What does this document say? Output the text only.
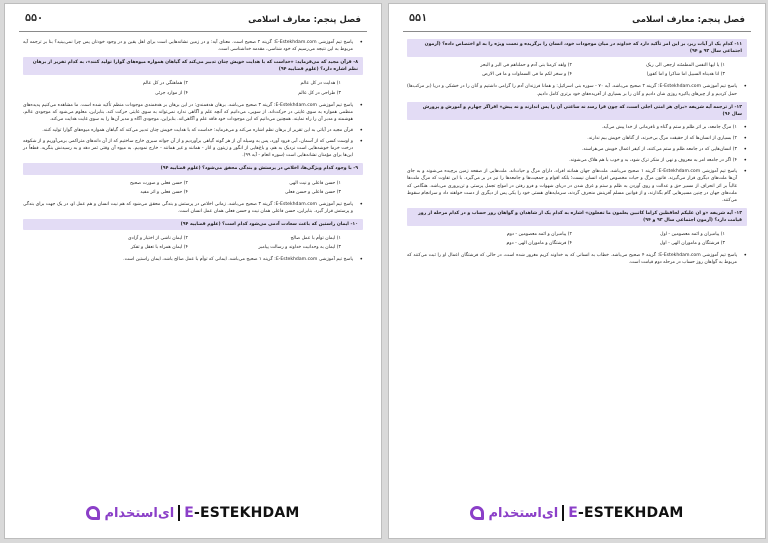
فصل پنجم: معارف اسلامی
۵۵۰
• پاسخ تیم آموزشی E-Estekhdam.com: گزینه ۲ صحیح است. معنای آیه: و در زمین نشانه‌هایی است برای اهل یقین و در وجود خودتان پس چرا نمی‌بینید؟ بنا بر ترجمه آیه مربوط به این نتیجه می‌رسیم که خود شناسی، مقدمه خداشناسی است.
۸- قرآن مجید که می‌فرماید: «خداست که با هدایت خویش چنان تدبیر می‌کند که گیاهان همواره میوه‌های گوارا تولید کنند»، به کدام تقریر از برهان نظم اشاره دارد؟ (علوم قضاییه ۹۴)
۱) هدایت در کل عالم
۲) هماهنگی در کل عالم
۳) طراحی در کل عالم
۴) از موارد جزئی
• پاسخ تیم آموزشی E-Estekhdam.com: گزینه ۳ صحیح می‌باشد. برهان هدفمندی: در این برهان بر هدفمندی موجودات منظم تأکید شده است. ما مشاهده می‌کنیم پدیده‌های منظمی همواره به سوی غایتی در حرکت‌اند. از سویی، می‌دانیم که آنچه علم و آگاهی ندارد نمی‌تواند به سوی غایتی حرکت کند. بنابراین، معلوم می‌شود که موجودی عالم، هوشمند و مدبر آن را راه نمایند. همچنین می‌دانیم که این موجودات خود فاقد علم و آگاهی‌اند. بنابراین، موجودی آگاه و مدبر آن‌ها را به سوی غایت هدایت می‌کند.
• قرآن مجید در آیاتی به این تقریر از برهان نظم اشاره می‌کند و می‌فرماید: خداست که با هدایت خویش چنان تدبیر می‌کند که گیاهان همواره میوه‌های گوارا تولید کنند.
• و اوست کسی که از آسمان، آبی فرود آورد، پس به وسیله آن از هر گونه گیاهی برآوردیم و از آن جوانه سبزی خارج ساختیم که از آن دانه‌های متراکمی برمی‌آوریم و از شکوفه درخت خرما خوشه‌هایی است نزدیک به هم، و باغ‌هایی از انگور و زیتون و انار - همانند و غیر همانند - خارج نمودیم. به میوه آن وقتی ثمر دهد و به رسیدنش بنگرید. قطعاً در این‌ها برای مؤمنان نشانه‌هایی است (سوره انعام - آیه ۹۹).
۹- با وجود کدام ویژگی‌ها، اخلاص در پرستش و بندگی محقق می‌شود؟ (علوم قضاییه ۹۴)
۱) حسن فاعلی و نیت الهی
۲) حسن فعلی و صورت صحیح
۳) حسن فاعلی و حسن فعلی
۴) حسن فعلی و اثر مفید
• پاسخ تیم آموزشی E-Estekhdam.com: گزینه ۳ صحیح می‌باشد. زمانی اخلاص در پرستش و بندگی محقق می‌شود که هم نیت انسان و هم عمل او، در یک جهت برای بندگی و پرستش قرار گیرد. بنابراین، حسن فاعلی همان نیت و حسن فعلی همان عمل انسان است.
۱۰- ایمان راستین که باعث سعادت آدمی می‌شود کدام است؟ (علوم قضاییه ۹۴)
۱) ایمان توأم با عمل صالح
۲) ایمان ناشی از اختیار و آزادی
۳) ایمان به وحدانیت خداوند و رسالت پیامبر
۴) ایمان همراه با تعقل و تفکر
• پاسخ تیم آموزشی E-Estekhdam.com: گزینه ۱ صحیح می‌باشد. ایمانی که توأم با عمل صالح باشد، ایمان راستین است.
ای‌استخدام E-ESTEKHDAM
فصل پنجم: معارف اسلامی
۵۵۱
۱۱- کدام یک از آیات زیر، بر این امر تأکید دارد که خداوند در میان موجودات خود، انسان را برگزیده و نعمت ویژه را به او اختصاص داده؟ (آزمون اجتماعی سال ۹۳ و ۹۴)
۱) یا ایها النفس المطمئنه ارجعی الی ربک
۲) ولقد کرمنا بنی آدم و حملناهم فی البر و البحر
۳) انا هدیناه السبیل اما شاکرا و اما کفورا
۴) و سخر لکم ما فی السماوات و ما فی الارض
• پاسخ تیم آموزشی E-Estekhdam.com: گزینه ۲ صحیح می‌باشد. آیه ۷۰ - سوره بنی اسرائیل: و همانا فرزندان آدم را گرامی داشتیم و آنان را در خشکی و دریا (بر مرکب‌ها) حمل کردیم و از چیزهای پاکیزه روزی شان دادیم و آنان را بر بسیاری از آفریده‌های خود برتری کامل دادیم.
۱۲- از ترجمه آیه شریفه «برای هر امتی اجلی است، که چون فرا رسد نه ساعتی آن را پس اندازند و نه پیش» افزاگر چهارم و آموزش و پرورش سال ۹۶)
• ۱) مرگ جامعه، بر اثر ظلم و ستم و گناه و نافرمانی از خدا پیش می‌آید.
• ۲) بسیاری از انسان‌ها که از حقیقت مرگ بی‌خبرند، از گناهان خویش بیم ندارند.
• ۳) انسان‌هایی که در جامعه ظلم و ستم می‌کنند، از کیفر اعمال خویش می‌هراسند.
• ۴) اگر در جامعه امر به معروف و نهی از منکر ترک شود، بد و خوب با هم هلاک می‌شوند.
• پاسخ تیم آموزشی E-Estekhdam.com: گزینه ۱ صحیح می‌باشد. ملت‌های جهان همانند افراد، دارای مرگ و حیات‌اند. ملت‌هایی از صفحه زمین برچیده می‌شوند و به جای آن‌ها ملت‌های دیگری قرار می‌گیرند. قانون مرگ و حیات مخصوص افراد انسان نیست؛ بلکه اقوام و جمعیت‌ها و جامعه‌ها را نیز در بر می‌گیرد. با این تفاوت که مرگ ملت‌ها غالباً بر اثر انحراف از مسیر حق و عدالت و روی آوردن به ظلم و ستم و غرق شدن در دریای شهوات و فرو رفتن در امواج تجمل پرستی و تن‌پروری می‌باشد. هنگامی که ملت‌های جهان در چنین مسیرهایی گام بگذارند، و از قوانین مسلم آفرینش منحرف گردند، سرمایه‌های هستی خود را یکی پس از دیگری از دست خواهند داد و سرانجام سقوط می‌کنند.
۱۳- آیه شریفه «و ان علیکم لحافظین کراما کاتبین یعلمون ما تفعلون» اشاره به کدام یک از شاهدان و گواهان روز حساب و در کدام مرحله از روز قیامت دارد؟ (آزمون اجتماعی سال ۹۳ و ۹۴)
۱) پیامبران و ائمه معصومین - اول
۲) پیامبران و ائمه معصومین - دوم
۳) فرشتگان و ماموران الهی - اول
۴) فرشتگان و ماموران الهی - دوم
• پاسخ تیم آموزشی E-Estekhdam.com: گزینه ۴ صحیح می‌باشد. خطاب به انسانی که به خداوند کریم مغرور شده است، در حالی که فرشتگان اعمال او را ثبت می‌کنند که مربوط به گواهان روز حساب در مرحله دوم قیامت است.
ای‌استخدام E-ESTEKHDAM
